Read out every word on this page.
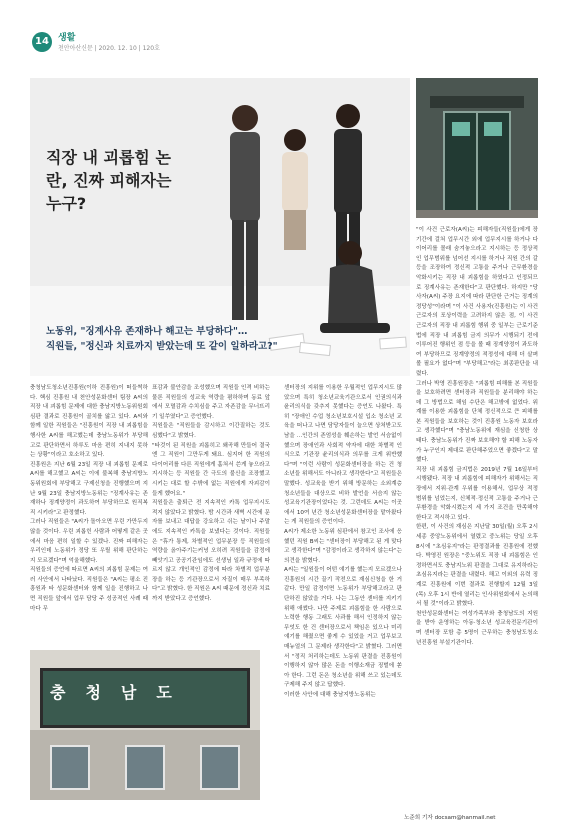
14	생활
천안아산신문 | 2020. 12. 10 | 120호
직장 내 괴롭힘 논란, 진짜 피해자는 누구?
노동위, "징계사유 존재하나 해고는 부당하다"…
직원들, "정신과 치료까지 받았는데 또 같이 일하라고?"
충청남도청소년진흥원(이하 진흥원)이 떠들썩하다. 핵심 진흥원 내 천안성문화센터 팀장 A씨의 직장 내 괴롭힘 문제에 대한 충남지방노동위원회 심판 결과로 진흥원이 골치를 앓고 있다. A씨와 함께 일한 직원들은 "진흥원이 직장 내 괴롭힘을 행사한 A씨를 해고했는데 충남노동위가 부당해고로 판단하면서 하루도 마음 편히 지내지 못하는 상황"이라고 호소하고 있다.
진흥원은 지난 6월 23일 직장 내 괴롭힘 문제로 A씨를 해고했고 A씨는 이에 불복해 충남지방노동위원회에 부당해고 구제신청을 진행했으며 지난 9월 23일 충남지방노동위는 "징계사유는 존재하나 징계양정이 과도하여 부당하므로 원직복직 시키라"고 판정했다.
그러나 직원들은 "A씨가 돌아오면 우린 가만두지 않을 것이다. 우린 괴롭힌 사람과 어떻게 같은 곳에서 마음 편히 일할 수 있겠나. 진짜 피해자는 우리인데 노동위가 정당 또 우릴 위해 판단하는지 모르겠다"며 억울해했다.
직원들의 증언에 따르면 A씨의 괴롭힘 문제는 여러 사안에서 나타났다. 직원들은 "A씨는 평소 진흥원과 타 성문화센터와 함께 일을 진행하고 나면 직원들 앞에서 업무 담당 주 성공적인 사례 때마다 무
표감과 불안감을 조성했으며 직원들 인격 비하는 물론 직원들의 성교육 역량을 폄하하며 동료 앞에서 모멸감과 수치심을 주고 자존감을 무너뜨리기 일쑤였다"고 증언했다.
직원들은 "직원들을 감시하고 이간질하는 것도 심했다"고 밝혔다.
"타것이 된 직원을 괴롭히고 왜곡해 만들어 결국엔 그 직원이 그만두게 돼요. 심지어 한 직원의 다이어리를 다른 직원에게 훔쳐서 쓴게 놓으라고 지시하는 등 직원들 간 극도의 불신을 조장했고 시키는 대로 할 수밖에 없는 직원에게 자괴감이 들게 했어요."
직원들은 출퇴근 전 지속적인 카톡 업무지시도 적지 않았다고 밝혔다. 밤 시간과 새벽 시간에 문자를 보내고 대답을 강요하고 쉬는 날이나 주말에도 지속적인 카톡을 보냈다는 것이다. 직원들은 "휴가 통제, 차별적인 업무분장 등 직원들의 역량을 옭아주기는커녕 오히려 직원들을 감정에 빼앗기고 공공기관임에도 선생님 일과 규정에 따르지 않고 개인적인 감정에 따라 차별적 업무분장을 하는 등 기관장으로서 자질이 매우 부족하다"고 밝혔다. 한 직원은 A씨 때문에 정신과 치료까지 받았다고 증언했다.
센터장의 지위를 이용한 우월적인 업무지시도 많았으며 특히 청소년교육기관으로서 인권의식과 윤리의식을 갖추지 못했다는 증언도 나왔다. 특히 "장애인 수업 청소년보호시설 입소 청소년 교육을 떠나고 나면 담당자들이 늘으면 상처받고도 남을 ...인간의 존엄성을 훼손하는 발언 서슴없이 했으며 장애인과 사회적 약자에 대한 차별적 인식으로 기관장 윤리의식과 의무를 크게 위반했다"며 "이런 사람이 성문화센터장을 하는 건 청소년들 위해서도 아니라고 생각한다"고 직원들은 말했다. 성교육을 받기 위해 방문하는 소외계층 청소년들을 대상으로 비하 발언을 서슴지 않는 성교육기관장이었다는 것. 그런데도 A씨는 이곳에서 10여 년간 청소년성문화센터장을 맡아왔다는 게 직원들의 증언이다.
A씨가 제소한 노동위 심판에서 참고인 조사에 응했던 직원 B씨는 "센터장이 부당해고 된 게 맞다고 생각한다"며 "감정이라고 생각하지 않는다"는 의견을 밝혔다.
A씨는 "일원들이 어떤 얘기를 했는지 모르겠으나 진흥원의 시간 끌기 작전으로 재심신청을 한 거 같다. 만일 감정이면 노동위가 부당해고라고 판단하진 않았을 거다. 나는 그동안 센터를 지키기 위해 애썼다. 나만 주제로 괴롭힘을 한 사람으로 노력한 행동 그래도 사과를 해서 인정하지 않는 무엇도 한 건 센터장으로서 책임은 있으나 미리 얘기를 해줬으면 좋게 수 있었을 거고 업무보고 매뉴얼의 그 문제라 생각한다"고 밝혔다. 그러면서 "정직 처리하는데도 노동위 판결을 진흥원이 이행하지 않아 많은 돈을 이행소재금 징벌에 쏟아 한다. 그런 돈은 청소년을 위해 쓰고 있는데도 구제해 주지 않고 답했다.
이러한 사안에 대해 충남지방노동위는
"이 사건 근로자(A씨)는 피해자들(직원들)에게 장기간에 걸쳐 업무시간 외에 업무지시를 하거나 다이어리를 몰래 숨겨놓으라고 지시하는 등 정상적인 업무범위를 넘어선 지시를 하거나 직원 간의 갈등을 조장하여 정신적 고통을 주거나 근무환경을 악화시키는 직장 내 괴롭힘을 하였다고 인정되므로 징계사유는 존재한다"고 판단했다. 하지만 "당사자(A씨) 주장 요지에 따라 판단한 근거는 징계의 정당성"이라며 "이 사건 사용자(진흥원)는 이 사건 근로자의 포상이력을 고려하지 않은 점, 이 사건 근로자의 직장 내 괴롭힘 행위 중 일부는 근로기준법에 직장 내 괴롭힘 금지 의무가 시행되기 전에 이루어진 행위인 점 등을 볼 때 징계양정이 과도하여 부당하므로 징계양정의 적정성에 대해 더 살펴볼 필요가 없다"며 "부당해고"라는 최종판단을 내렸다.
그러나 박영 진흥원장은 "괴롭힘 피해를 본 직원들을 보호하려면 센터장과 직원들을 분리해야 하는데 그 방법으로 해임 수단은 해고밖에 없었다. 위계를 이용한 괴롭힘을 단체 정신적으로 큰 피해를 본 직원들을 보호하는 것이 진흥원 노동자 보호라고 생각했다"며 "충남노동위에 재심을 신청한 상태다. 충남노동위가 진짜 보호해야 할 피해 노동자가 누구인지 제대로 판단해주었으면 좋겠다"고 말했다.
직장 내 괴롭힘 금지법은 2019년 7월 16일부터 시행됐다. 직장 내 괴롭힘에 피해자가 위해서는 직장에서 지위·관계 우위를 이용해서, 업무상 적정 범위를 넘었는지, 신체적·정신적 고통을 주거나 근무환경을 악화시켰는지 세 가지 조건을 만족해야 한다고 적시하고 있다.
한편, 이 사건의 재심은 지난달 30일(월) 오후 2시 세종 중앙노동위에서 열렸고 중노위는 당일 오후 8시에 "초심유지"라는 판정결과를 진흥원에 전했다. 박영진 원장은 "중노위도 직장 내 괴롭힘은 인정하면서도 충남지노위 판결을 그대로 유지하라는 초심유지라는 판결을 내렸다. 해고 이외의 유력 징계로 진흥원에 이번 결과로 진행할지 12월 3일(목) 오후 1시 반에 열리는 인사위원회에서 논의해서 될 것"이라고 밝혔다.
천안성문화센터는 여성가족부와 충청남도의 지원을 받아 운영하는 아동·청소년 성교육전문기관이며 센터장 포함 총 5명이 근무하는 충청남도청소년진흥원 부설기관이다.
충청남도
노준희 기자 docsam@hanmail.net
